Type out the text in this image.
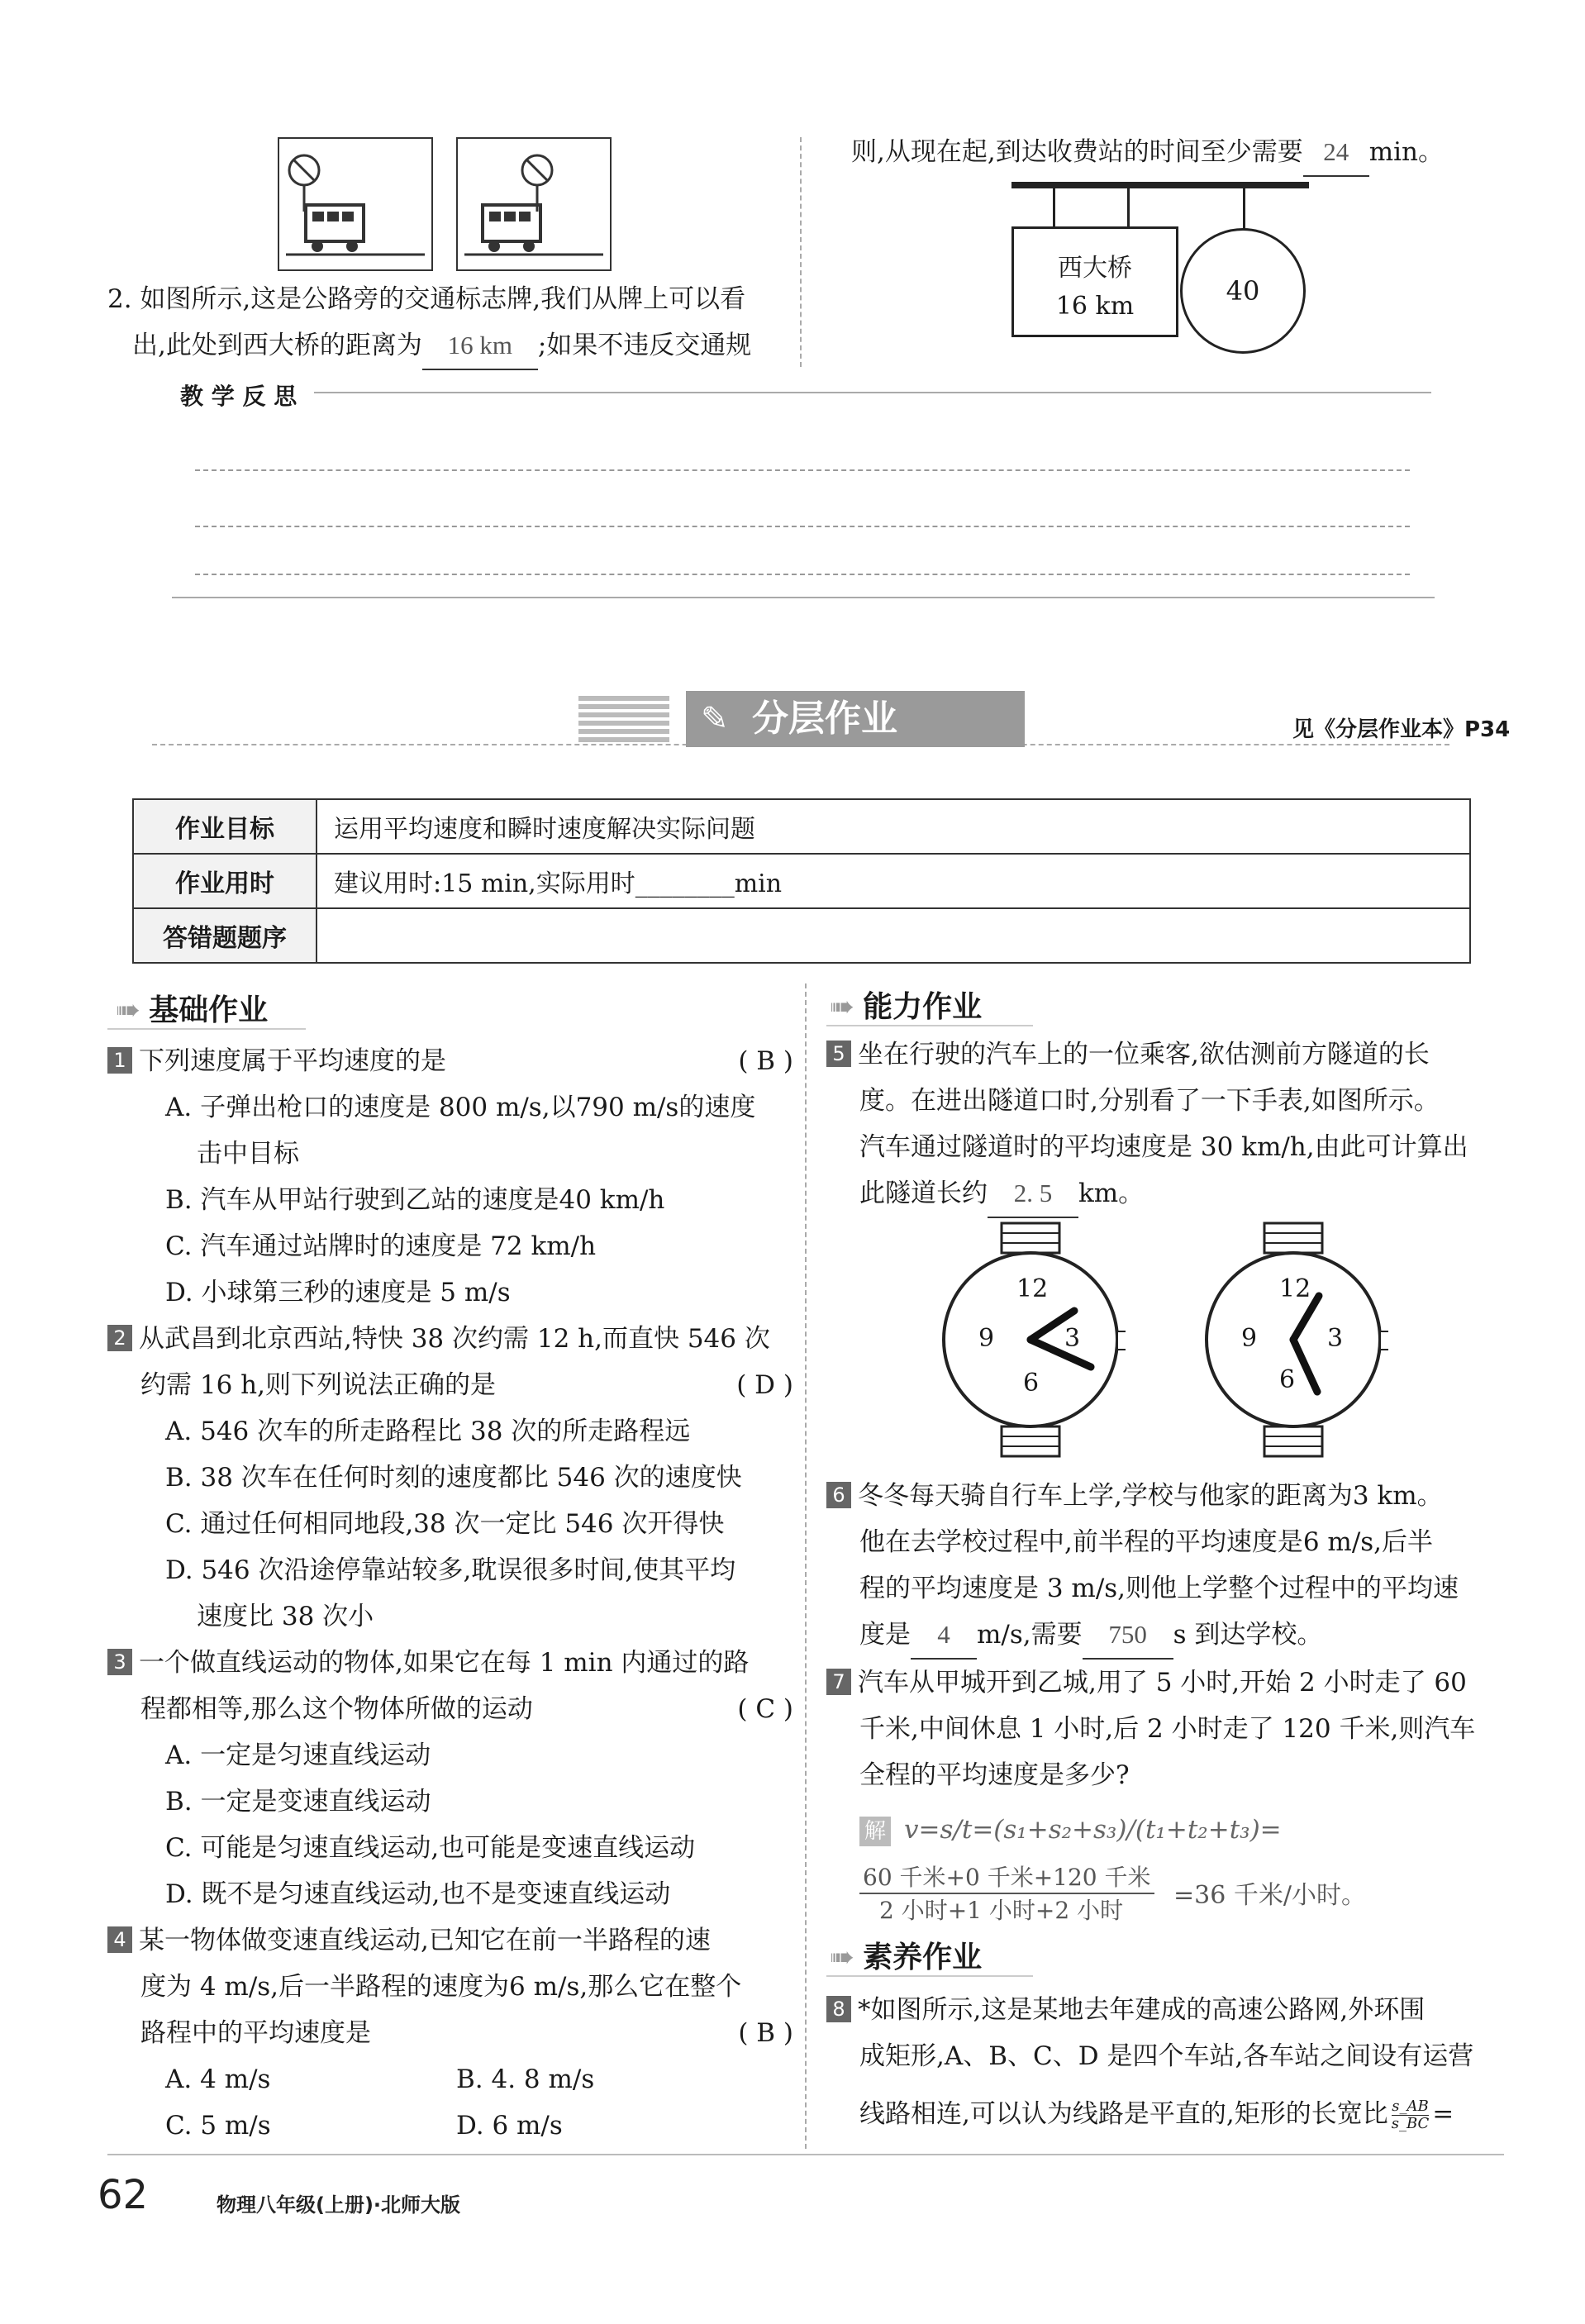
2. 如图所示,这是公路旁的交通标志牌,我们从牌上可以看
出,此处到西大桥的距离为 16 km ;如果不违反交通规
则,从现在起,到达收费站的时间至少需要 24 min。
西大桥
16 km	40
教 学 反 思
✎ 分层作业	见《分层作业本》P34
作业目标	运用平均速度和瞬时速度解决实际问题
作业用时	建议用时:15 min,实际用时________min
答错题题序	
➠ 基础作业
1 下列速度属于平均速度的是	( B )
A. 子弹出枪口的速度是 800 m/s,以790 m/s的速度
击中目标
B. 汽车从甲站行驶到乙站的速度是40 km/h
C. 汽车通过站牌时的速度是 72 km/h
D. 小球第三秒的速度是 5 m/s
2 从武昌到北京西站,特快 38 次约需 12 h,而直快 546 次
约需 16 h,则下列说法正确的是	( D )
A. 546 次车的所走路程比 38 次的所走路程远
B. 38 次车在任何时刻的速度都比 546 次的速度快
C. 通过任何相同地段,38 次一定比 546 次开得快
D. 546 次沿途停靠站较多,耽误很多时间,使其平均
速度比 38 次小
3 一个做直线运动的物体,如果它在每 1 min 内通过的路
程都相等,那么这个物体所做的运动	( C )
A. 一定是匀速直线运动
B. 一定是变速直线运动
C. 可能是匀速直线运动,也可能是变速直线运动
D. 既不是匀速直线运动,也不是变速直线运动
4 某一物体做变速直线运动,已知它在前一半路程的速
度为 4 m/s,后一半路程的速度为6 m/s,那么它在整个
路程中的平均速度是	( B )
A. 4 m/s	B. 4. 8 m/s
C. 5 m/s	D. 6 m/s
➠ 能力作业
5 坐在行驶的汽车上的一位乘客,欲估测前方隧道的长
度。在进出隧道口时,分别看了一下手表,如图所示。
汽车通过隧道时的平均速度是 30 km/h,由此可计算出
此隧道长约 2. 5 km。
12
3
6
9
12
3
6
9
6 冬冬每天骑自行车上学,学校与他家的距离为3 km。
他在去学校过程中,前半程的平均速度是6 m/s,后半
程的平均速度是 3 m/s,则他上学整个过程中的平均速
度是 4 m/s,需要 750 s 到达学校。
7 汽车从甲城开到乙城,用了 5 小时,开始 2 小时走了 60
千米,中间休息 1 小时,后 2 小时走了 120 千米,则汽车
全程的平均速度是多少?
解 v=s/t=(s₁+s₂+s₃)/(t₁+t₂+t₃)=
60 千米+0 千米+120 千米
2 小时+1 小时+2 小时
=36 千米/小时。
➠ 素养作业
8 *如图所示,这是某地去年建成的高速公路网,外环围
成矩形,A、B、C、D 是四个车站,各车站之间设有运营
线路相连,可以认为线路是平直的,矩形的长宽比 $\frac{s\_AB}{s\_BC}$ =
62	物理八年级(上册)·北师大版
